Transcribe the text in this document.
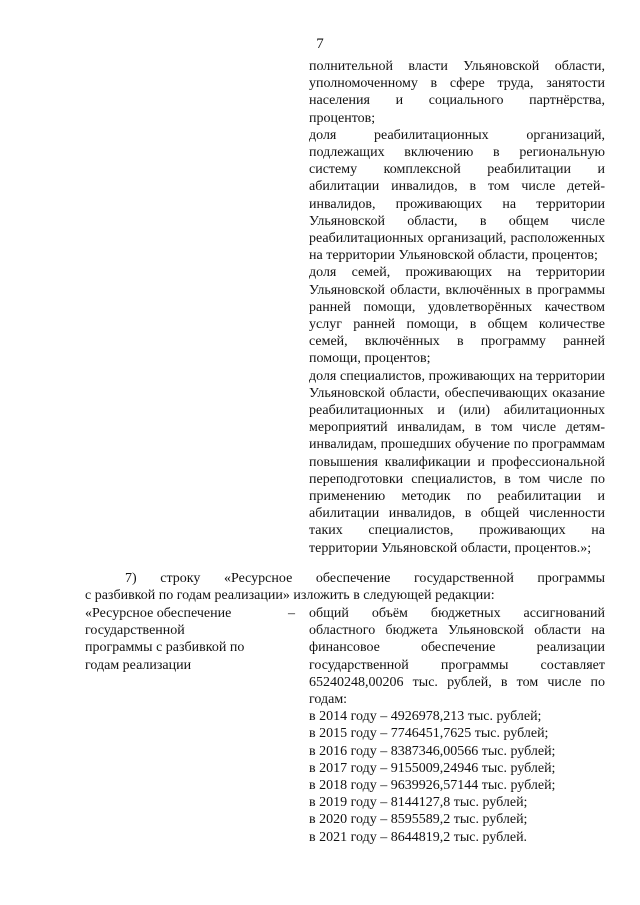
7

полнительной власти Ульяновской области, уполномоченному в сфере труда, занятости населения и социального партнёрства, процентов;

доля реабилитационных организаций, подлежащих включению в региональную систему комплексной реабилитации и абилитации инвалидов, в том числе детей-инвалидов, проживающих на территории Ульяновской области, в общем числе реабилитационных организаций, расположенных на территории Ульяновской области, процентов;

доля семей, проживающих на территории Ульяновской области, включённых в программы ранней помощи, удовлетворённых качеством услуг ранней помощи, в общем количестве семей, включённых в программу ранней помощи, процентов;

доля специалистов, проживающих на территории Ульяновской области, обеспечивающих оказание реабилитационных и (или) абилитационных мероприятий инвалидам, в том числе детям-инвалидам, прошедших обучение по программам повышения квалификации и профессиональной переподготовки специалистов, в том числе по применению методик по реабилитации и абилитации инвалидов, в общей численности таких специалистов, проживающих на территории Ульяновской области, процентов.»;

7) строку «Ресурсное обеспечение государственной программы

с разбивкой по годам реализации» изложить в следующей редакции:

«Ресурсное обеспечение государственной программы с разбивкой по годам реализации
– общий объём бюджетных ассигнований областного бюджета Ульяновской области на финансовое обеспечение реализации государственной программы составляет 65240248,00206 тыс. рублей, в том числе по годам:

в 2014 году – 4926978,213 тыс. рублей;
в 2015 году – 7746451,7625 тыс. рублей;
в 2016 году – 8387346,00566 тыс. рублей;
в 2017 году – 9155009,24946 тыс. рублей;
в 2018 году – 9639926,57144 тыс. рублей;
в 2019 году – 8144127,8 тыс. рублей;
в 2020 году – 8595589,2 тыс. рублей;
в 2021 году – 8644819,2 тыс. рублей.
